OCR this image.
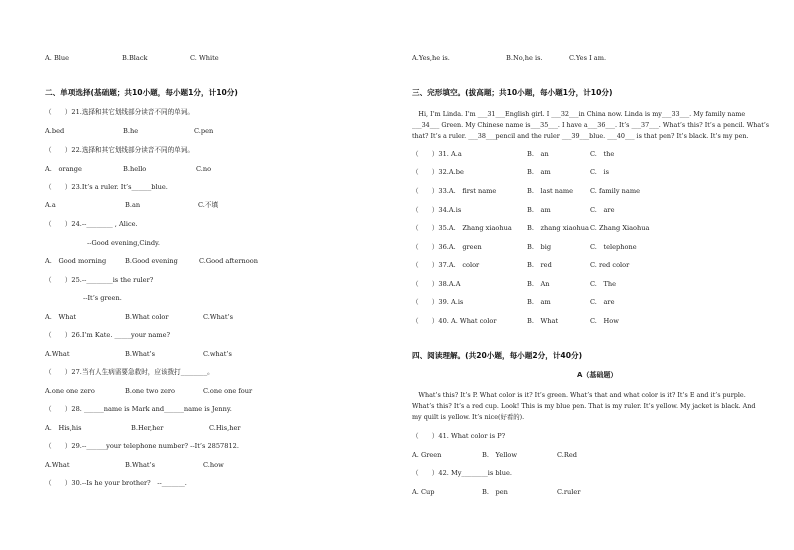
A. Blue	B.Black	C. White
二、单项选择(基础题；共10小题，每小题1分，计10分)
（　　）21.选择和其它划线部分读音不同的单词。
A.bed	B.he	C.pen
（　　）22.选择和其它划线部分读音不同的单词。
A.　orange	B.hello	C.no
（　　）23.It’s a ruler. It’s______blue.
A.a	B.an	C.不填
（　　）24.--________ , Alice.
--Good evening,Cindy.
A.　Good morning	B.Good evening	C.Good afternoon
（　　）25.--________is the ruler?
--It’s green.
A.　What	B.What color	C.What’s
（　　）26.I’m Kate. _____your name?
A.What	B.What’s	C.what’s
（　　）27.当有人生病需要急救时，应该拨打________。
A.one one zero	B.one two zero	C.one one four
（　　）28. ______name is Mark and______name is Jenny.
A.　His,his	B.Her,her	C.His,her
（　　）29.--______your telephone number? --It’s 2857812.
A.What	B.What’s	C.how
（　　）30.--Is he your brother?　--_______.
A.Yes,he is.	B.No,he is.	C.Yes I am.
三、完形填空。(拔高题；共10小题，每小题1分，计10分)
　Hi, I’m Linda. I’m ___31___English girl. I ___32___in China now. Linda is my___33___. My family name
___34___ Green. My Chinese name is___35___. I have a___36___. It’s ___37___. What’s this? It’s a pencil. What’s
that? It’s a ruler. ___38___pencil and the ruler ___39___blue. ___40___ is that pen? It’s black. It’s my pen.
（　　）31. A.a	B.　an	C.　the
（　　）32.A.be	B.　am	C.　is
（　　）33.A.　first name	B.　last name	C. family name
（　　）34.A.is	B.　am	C.　are
（　　）35.A.　Zhang xiaohua B.　zhang xiaohua C. Zhang Xiaohua
（　　）36.A.　green	B.　big	C.　telephone
（　　）37.A.　color	B.　red	C. red color
（　　）38.A.A	B.　An	C.　The
（　　）39. A.is	B.　am	C.　are
（　　）40. A. What color	B.　What	C.　How
四、阅读理解。(共20小题，每小题2分，计40分)
A（基础题）
　What’s this? It’s P. What color is it? It’s green. What’s that and what color is it? It’s E and it’s purple.
What’s this? It’s a red cup. Look! This is my blue pen. That is my ruler. It’s yellow. My jacket is black. And
my quilt is yellow. It’s nice(好看的).
（　　）41. What color is P?
A. Green	B.　Yellow	C.Red
（　　）42. My________is blue.
A. Cup	B.　pen	C.ruler
